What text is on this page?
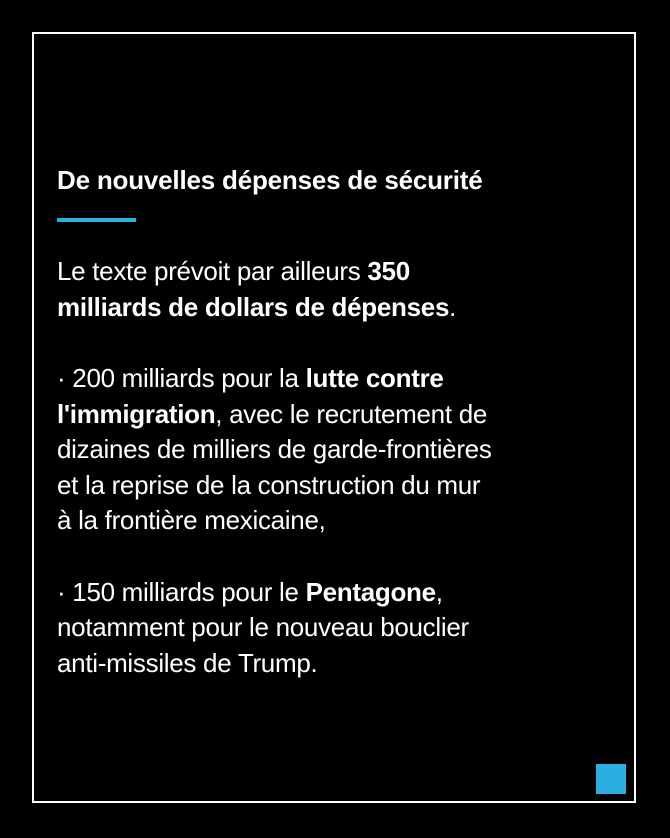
De nouvelles dépenses de sécurité

Le texte prévoit par ailleurs 350
milliards de dollars de dépenses.

· 200 milliards pour la lutte contre
l'immigration, avec le recrutement de
dizaines de milliers de garde-frontières
et la reprise de la construction du mur
à la frontière mexicaine,

· 150 milliards pour le Pentagone,
notamment pour le nouveau bouclier
anti-missiles de Trump.
